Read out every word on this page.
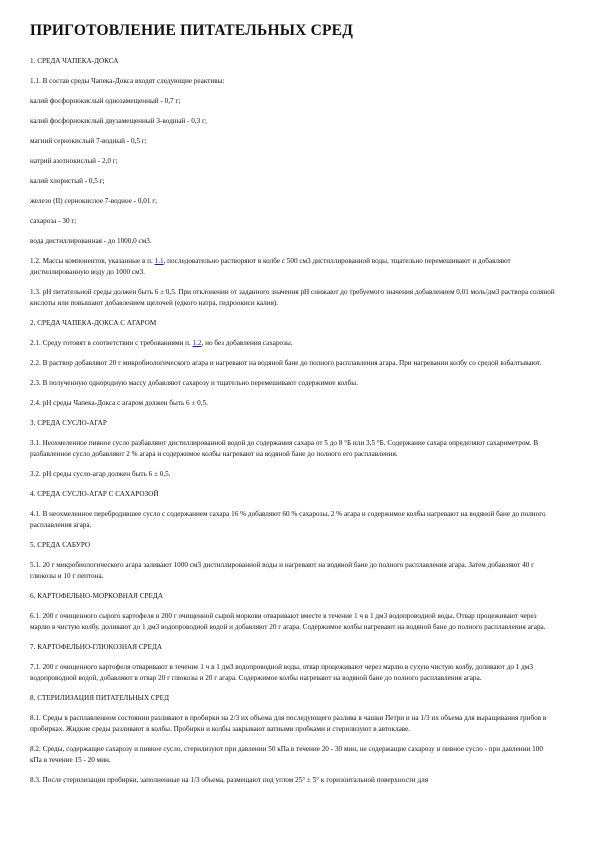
ПРИГОТОВЛЕНИЕ ПИТАТЕЛЬНЫХ СРЕД

1. СРЕДА ЧАПЕКА-ДОКСА

1.1. В состав среды Чапека-Докса входят следующие реактивы:

калий фосфорнокислый однозамещенный - 0,7 г;

калий фосфорнокислый двузамещенный 3-водный - 0,3 г;

магний сернокислый 7-водный - 0,5 г;

натрий азотнокислый - 2,0 г;

калий хлористый - 0,5 г;

железо (II) сернокислое 7-водное - 0,01 г;

сахароза - 30 г;

вода дистиллированная - до 1000,0 см3.

1.2. Массы компонентов, указанные в п. 1.1, последовательно растворяют в колбе с 500 см3 дистиллированной воды, тщательно перемешивают и добавляют дистиллированную воду до 1000 см3.

1.3. pH питательной среды должен быть 6 ± 0,5. При отклонении от заданного значения pH снижают до требуемого значения добавлением 0,01 моль/дм3 раствора соляной кислоты или повышают добавлением щелочей (едкого натра, гидроокиси калия).

2. СРЕДА ЧАПЕКА-ДОКСА С АГАРОМ

2.1. Среду готовят в соответствии с требованиями п. 1.2, но без добавления сахарозы.

2.2. В раствор добавляют 20 г микробиологического агара и нагревают на водяной бане до полного расплавления агара. При нагревании колбу со средой взбалтывают.

2.3. В полученную однородную массу добавляют сахарозу и тщательно перемешивают содержимое колбы.

2.4. pH среды Чапека-Докса с агаром должен быть 6 ± 0,5.

3. СРЕДА СУСЛО-АГАР

3.1. Неохмеленное пивное сусло разбавляют дистиллированной водой до содержания сахара от 5 до 8 °Б или 3,5 °Б. Содержание сахара определяют сахариметром. В разбавленное сусло добавляют 2 % агара и содержимое колбы нагревают на водяной бане до полного его расплавления.

3.2. pH среды сусло-агар должен быть 6 ± 0,5.

4. СРЕДА СУСЛО-АГАР С САХАРОЗОЙ

4.1. В неохмеленное перебродившее сусло с содержанием сахара 16 % добавляют 60 % сахарозы, 2 % агара и содержимое колбы нагревают на водяной бане до полного расплавления агара.

5. СРЕДА САБУРО

5.1. 20 г микробиологического агара заливают 1000 см3 дистиллированной воды и нагревают на водяной бане до полного расплавления агара. Затем добавляют 40 г глюкозы и 10 г пептона.

6. КАРТОФЕЛЬНО-МОРКОВНАЯ СРЕДА

6.1. 200 г очищенного сырого картофеля и 200 г очищенной сырой моркови отваривают вместе в течение 1 ч в 1 дм3 водопроводной воды. Отвар процеживают через марлю в чистую колбу, доливают до 1 дм3 водопроводной водой и добавляют 20 г агара. Содержимое колбы нагревают на водяной бане до полного расплавления агара.

7. КАРТОФЕЛЬНО-ГЛЮКОЗНАЯ СРЕДА

7.1. 200 г очищенного картофеля отваривают в течение 1 ч в 1 дм3 водопроводной воды, отвар процеживают через марлю в сухую чистую колбу, доливают до 1 дм3 водопроводной водой, добавляют в отвар 20 г глюкозы и 20 г агара. Содержимое колбы нагревают на водяной бане до полного расплавления агара.

8. СТЕРИЛИЗАЦИЯ ПИТАТЕЛЬНЫХ СРЕД

8.1. Среды в расплавленном состоянии разливают в пробирки на 2/3 их объема для последующего разлива в чашки Петри и на 1/3 их объема для выращивания грибов в пробирках. Жидкие среды разливают в колбы. Пробирки и колбы закрывают ватными пробками и стерилизуют в автоклаве.

8.2. Среды, содержащие сахарозу и пивное сусло, стерилизуют при давлении 50 кПа в течение 20 - 30 мин, не содержащие сахарозу и пивное сусло - при давлении 100 кПа в течение 15 - 20 мин.

8.3. После стерилизации пробирки, заполненные на 1/3 объема, размещают под углом 25° ± 5° к горизонтальной поверхности для
